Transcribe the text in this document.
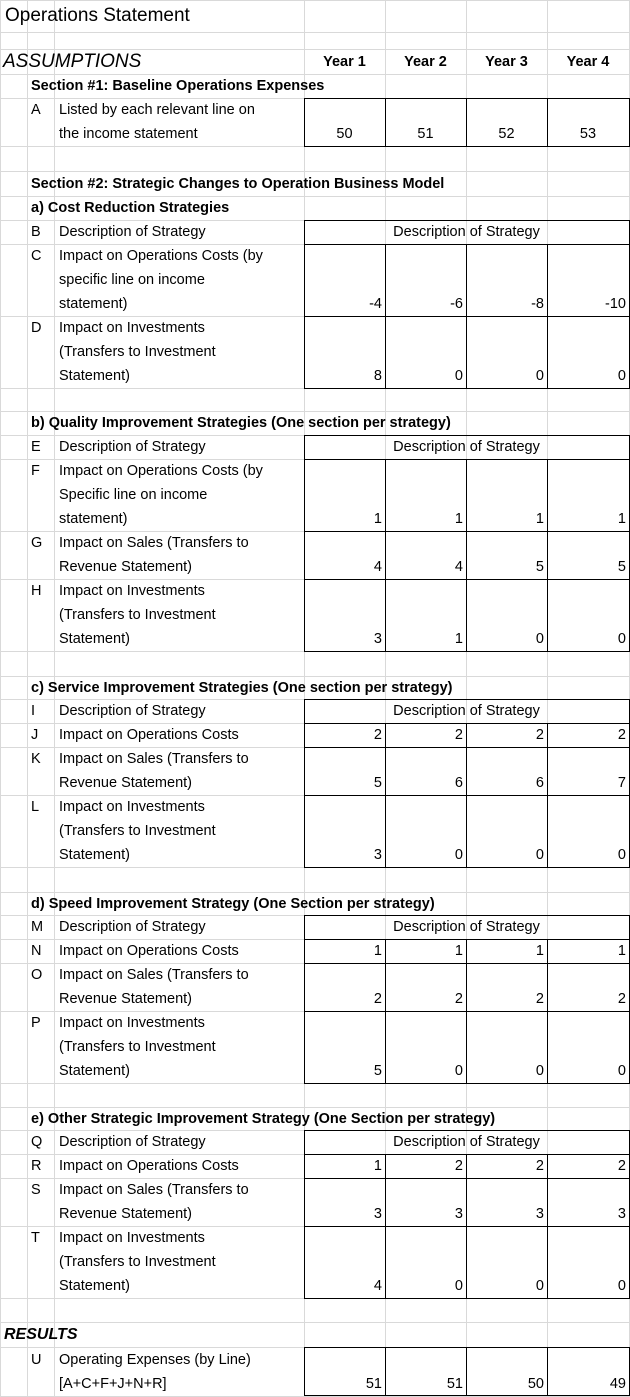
Operations Statement
ASSUMPTIONS	Year 1	Year 2	Year 3	Year 4
Section #1: Baseline Operations Expenses
A Listed by each relevant line on
the income statement	50	51	52	53
Section #2: Strategic Changes to Operation Business Model
a) Cost Reduction Strategies
B Description of Strategy	Description of Strategy
C Impact on Operations Costs (by
specific line on income
statement)	-4	-6	-8	-10
D Impact on Investments
(Transfers to Investment
Statement)	8	0	0	0
b) Quality Improvement Strategies (One section per strategy)
E Description of Strategy	Description of Strategy
F Impact on Operations Costs (by
Specific line on income
statement)	1	1	1	1
G Impact on Sales (Transfers to
Revenue Statement)	4	4	5	5
H Impact on Investments
(Transfers to Investment
Statement)	3	1	0	0
c) Service Improvement Strategies (One section per strategy)
I Description of Strategy	Description of Strategy
J Impact on Operations Costs	2	2	2	2
K Impact on Sales (Transfers to
Revenue Statement)	5	6	6	7
L Impact on Investments
(Transfers to Investment
Statement)	3	0	0	0
d) Speed Improvement Strategy (One Section per strategy)
M Description of Strategy	Description of Strategy
N Impact on Operations Costs	1	1	1	1
O Impact on Sales (Transfers to
Revenue Statement)	2	2	2	2
P Impact on Investments
(Transfers to Investment
Statement)	5	0	0	0
e) Other Strategic Improvement Strategy (One Section per strategy)
Q Description of Strategy	Description of Strategy
R Impact on Operations Costs	1	2	2	2
S Impact on Sales (Transfers to
Revenue Statement)	3	3	3	3
T Impact on Investments
(Transfers to Investment
Statement)	4	0	0	0
RESULTS
U Operating Expenses (by Line)
[A+C+F+J+N+R]	51	51	50	49
